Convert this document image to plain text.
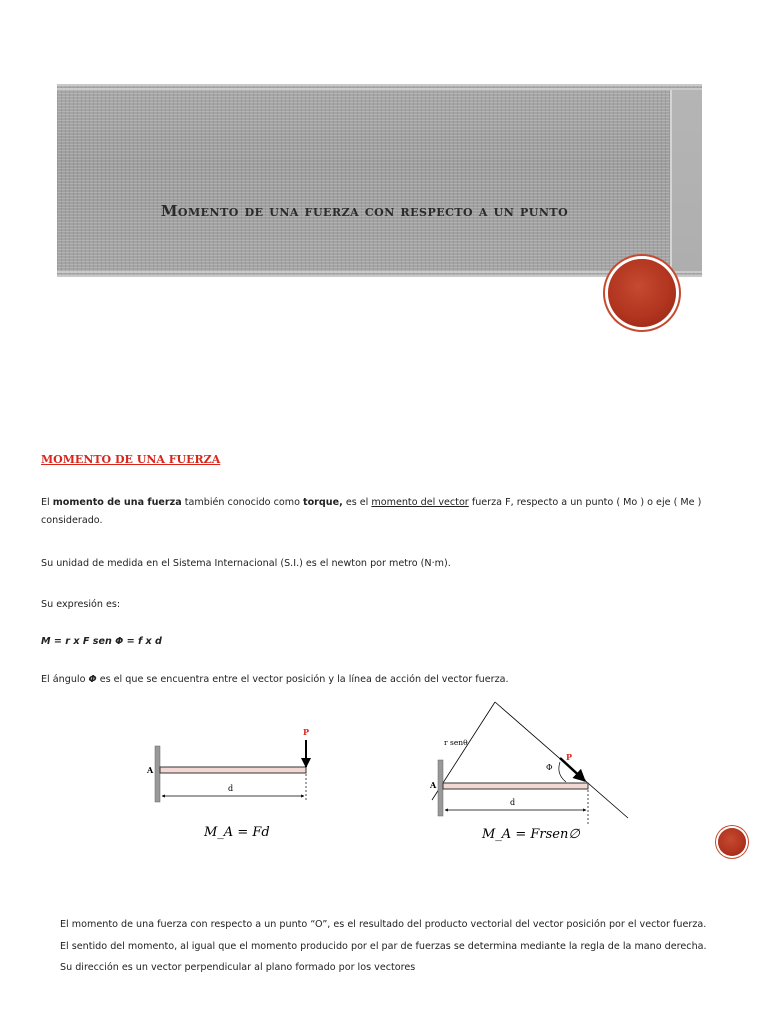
Momento de una fuerza con respecto a un punto
MOMENTO DE UNA FUERZA
El momento de una fuerza también conocido como torque, es el momento del vector fuerza F, respecto a un punto ( Mo ) o eje ( Me )
considerado.
Su unidad de medida en el Sistema Internacional (S.I.) es el newton por metro (N·m).
Su expresión es:
M = r x F sen Φ = f x d
El ángulo Φ es el que se encuentra entre el vector posición y la línea de acción del vector fuerza.
P
A
d
M_A = Fd
P
A
Φ
r senθ
d
M_A = Frsen∅
El momento de una fuerza con respecto a un punto “O”, es el resultado del producto vectorial del vector posición por el vector fuerza.
El sentido del momento, al igual que el momento producido por el par de fuerzas se determina mediante la regla de la mano derecha.
Su dirección es un vector perpendicular al plano formado por los vectores
